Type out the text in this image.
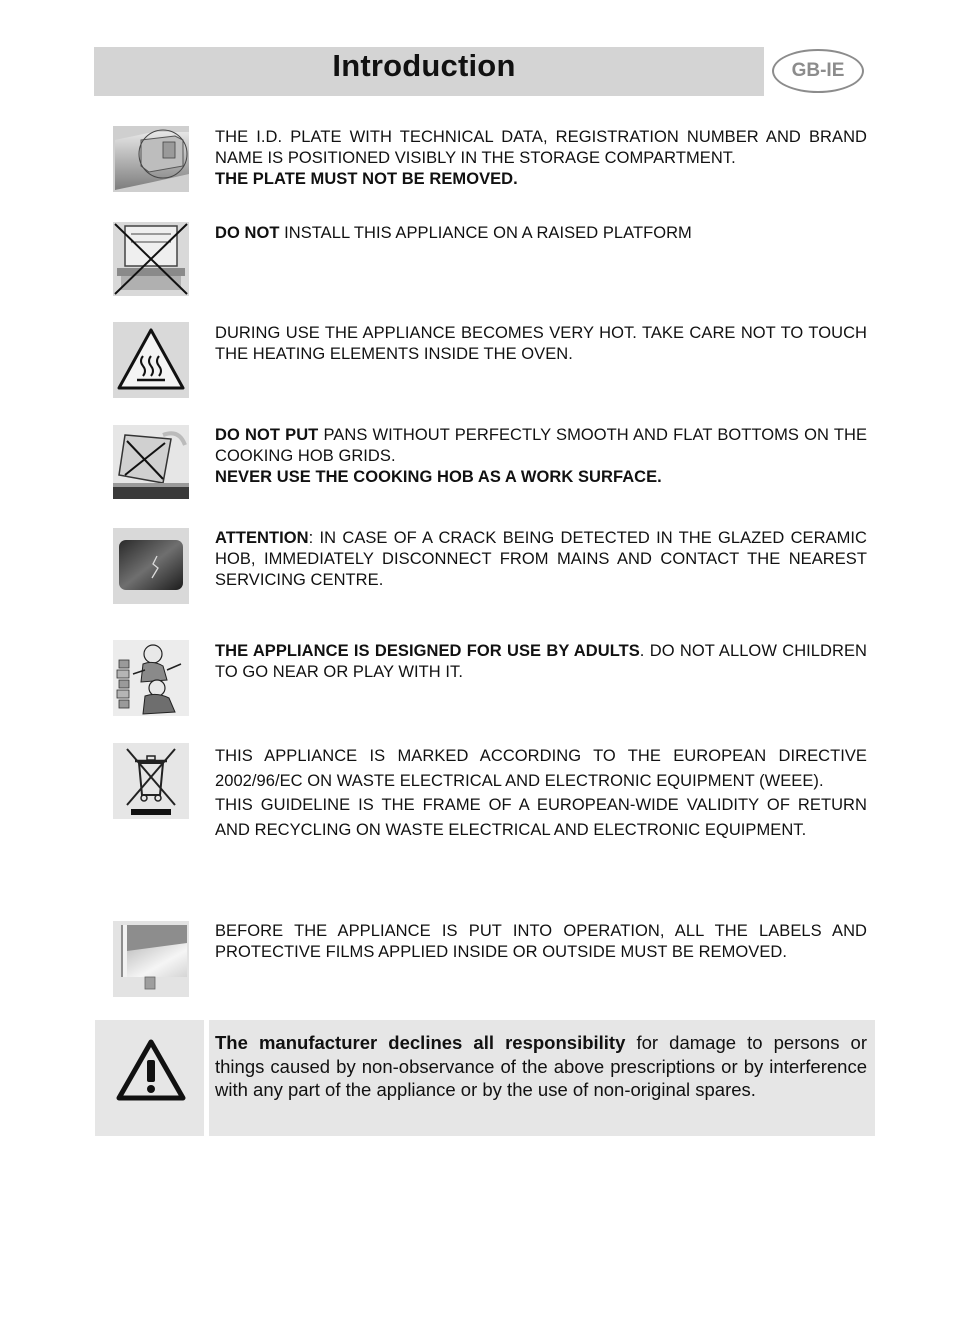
Introduction	GB-IE

THE I.D. PLATE WITH TECHNICAL DATA, REGISTRATION NUMBER AND BRAND NAME IS POSITIONED VISIBLY IN THE STORAGE COMPARTMENT.

THE PLATE MUST NOT BE REMOVED.

DO NOT INSTALL THIS APPLIANCE ON A RAISED PLATFORM

DURING USE THE APPLIANCE BECOMES VERY HOT. TAKE CARE NOT TO TOUCH THE HEATING ELEMENTS INSIDE THE OVEN.

DO NOT PUT PANS WITHOUT PERFECTLY SMOOTH AND FLAT BOTTOMS ON THE COOKING HOB GRIDS.

NEVER USE THE COOKING HOB AS A WORK SURFACE.

ATTENTION: IN CASE OF A CRACK BEING DETECTED IN THE GLAZED CERAMIC HOB, IMMEDIATELY DISCONNECT FROM MAINS AND CONTACT THE NEAREST SERVICING CENTRE.

THE APPLIANCE IS DESIGNED FOR USE BY ADULTS. DO NOT ALLOW CHILDREN TO GO NEAR OR PLAY WITH IT.

THIS APPLIANCE IS MARKED ACCORDING TO THE EUROPEAN DIRECTIVE 2002/96/EC ON WASTE ELECTRICAL AND ELECTRONIC EQUIPMENT (WEEE).

THIS GUIDELINE IS THE FRAME OF A EUROPEAN-WIDE VALIDITY OF RETURN AND RECYCLING ON WASTE ELECTRICAL AND ELECTRONIC EQUIPMENT.

BEFORE THE APPLIANCE IS PUT INTO OPERATION, ALL THE LABELS AND PROTECTIVE FILMS APPLIED INSIDE OR OUTSIDE MUST BE REMOVED.

The manufacturer declines all responsibility for damage to persons or things caused by non-observance of the above prescriptions or by interference with any part of the appliance or by the use of non-original spares.
